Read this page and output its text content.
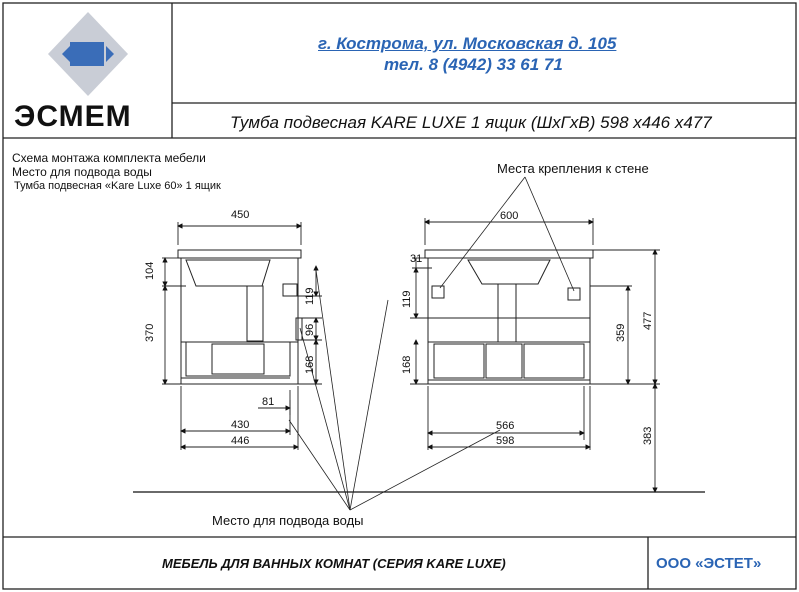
ЭСМЕМ
г. Кострома, ул. Московская д. 105
тел. 8 (4942) 33 61 71
Тумба подвесная KARE LUXE 1 ящик (ШхГхВ) 598 х446 х477
Схема монтажа комплекта мебели
Место для подвода воды
Тумба подвесная «Kare Luxe 60» 1 ящик
Места крепления к стене
Место для подвода воды
450
104
370
119
96
168
81
430
446
600
31
119
168
359
477
383
566
598
МЕБЕЛЬ ДЛЯ ВАННЫХ КОМНАТ (СЕРИЯ KARE LUXE)	ООО «ЭСТЕТ»
